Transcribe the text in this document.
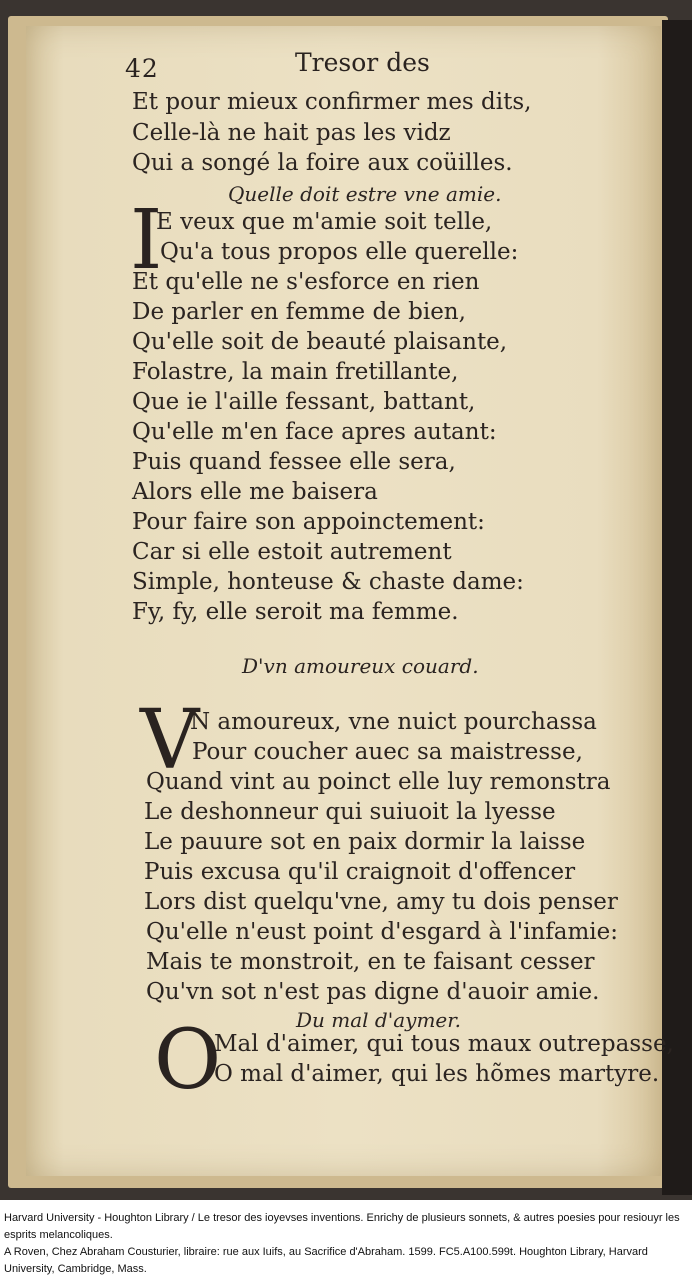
42	Tresor des
Et pour mieux confirmer mes dits,
Celle-là ne hait pas les vidz
Qui a songé la foire aux coüilles.
Quelle doit estre vne amie.
I
E veux que m'amie soit telle,
Qu'a tous propos elle querelle:
Et qu'elle ne s'esforce en rien
De parler en femme de bien,
Qu'elle soit de beauté plaisante,
Folastre, la main fretillante,
Que ie l'aille fessant, battant,
Qu'elle m'en face apres autant:
Puis quand fessee elle sera,
Alors elle me baisera
Pour faire son appoinctement:
Car si elle estoit autrement
Simple, honteuse & chaste dame:
Fy, fy, elle seroit ma femme.
D'vn amoureux couard.
V
N amoureux, vne nuict pourchassa
Pour coucher auec sa maistresse,
Quand vint au poinct elle luy remonstra
Le deshonneur qui suiuoit la lyesse
Le pauure sot en paix dormir la laisse
Puis excusa qu'il craignoit d'offencer
Lors dist quelqu'vne, amy tu dois penser
Qu'elle n'eust point d'esgard à l'infamie:
Mais te monstroit, en te faisant cesser
Qu'vn sot n'est pas digne d'auoir amie.
Du mal d'aymer.
O
Mal d'aimer, qui tous maux outrepasse,
O mal d'aimer, qui les hõmes martyre.

Harvard University - Houghton Library / Le tresor des ioyevses inventions. Enrichy de plusieurs sonnets, & autres poesies pour resiouyr les esprits melancoliques.

A Roven, Chez Abraham Cousturier, libraire: rue aux Iuifs, au Sacrifice d'Abraham. 1599. FC5.A100.599t. Houghton Library, Harvard University, Cambridge, Mass.
